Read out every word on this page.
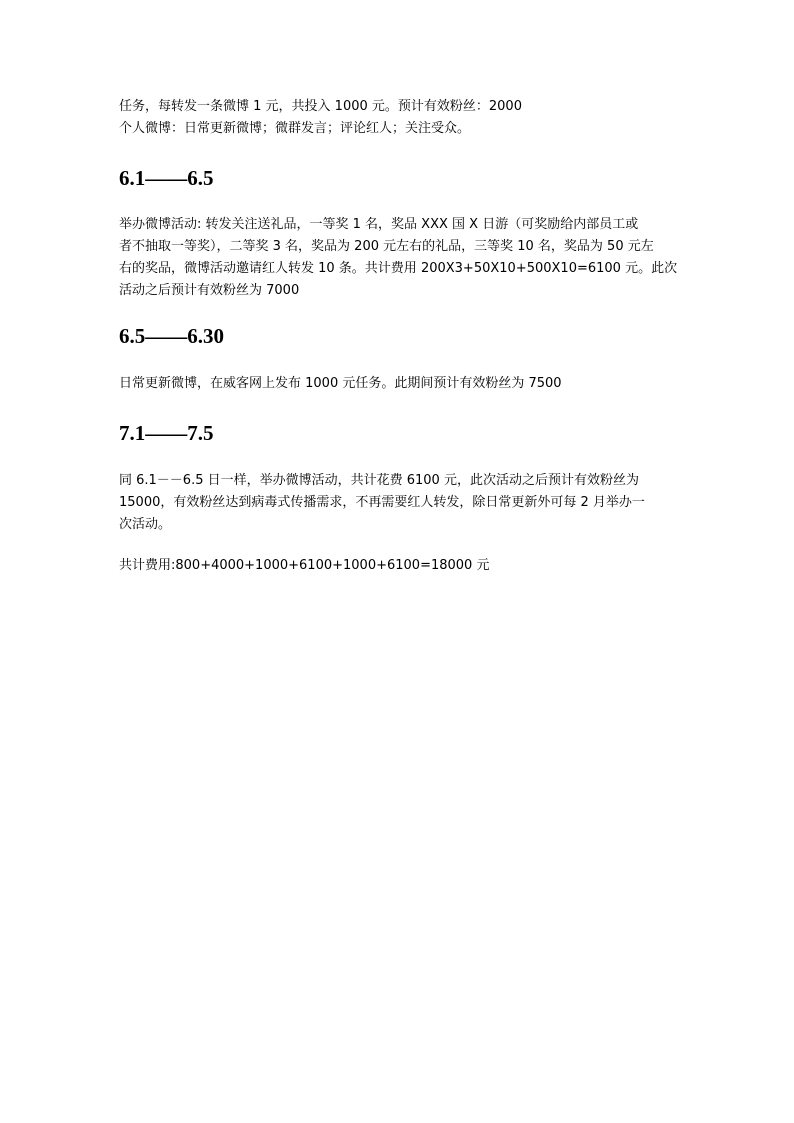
任务，每转发一条微博 1 元，共投入 1000 元。预计有效粉丝：2000
个人微博：日常更新微博；微群发言；评论红人；关注受众。
6.1——6.5
举办微博活动: 转发关注送礼品，一等奖 1 名，奖品 XXX 国 X 日游（可奖励给内部员工或
者不抽取一等奖），二等奖 3 名，奖品为 200 元左右的礼品，三等奖 10 名，奖品为 50 元左
右的奖品，微博活动邀请红人转发 10 条。共计费用 200X3+50X10+500X10=6100 元。此次
活动之后预计有效粉丝为 7000
6.5——6.30
日常更新微博，在威客网上发布 1000 元任务。此期间预计有效粉丝为 7500
7.1——7.5
同 6.1－－6.5 日一样，举办微博活动，共计花费 6100 元，此次活动之后预计有效粉丝为
15000，有效粉丝达到病毒式传播需求，不再需要红人转发，除日常更新外可每 2 月举办一
次活动。
共计费用:800+4000+1000+6100+1000+6100=18000 元
